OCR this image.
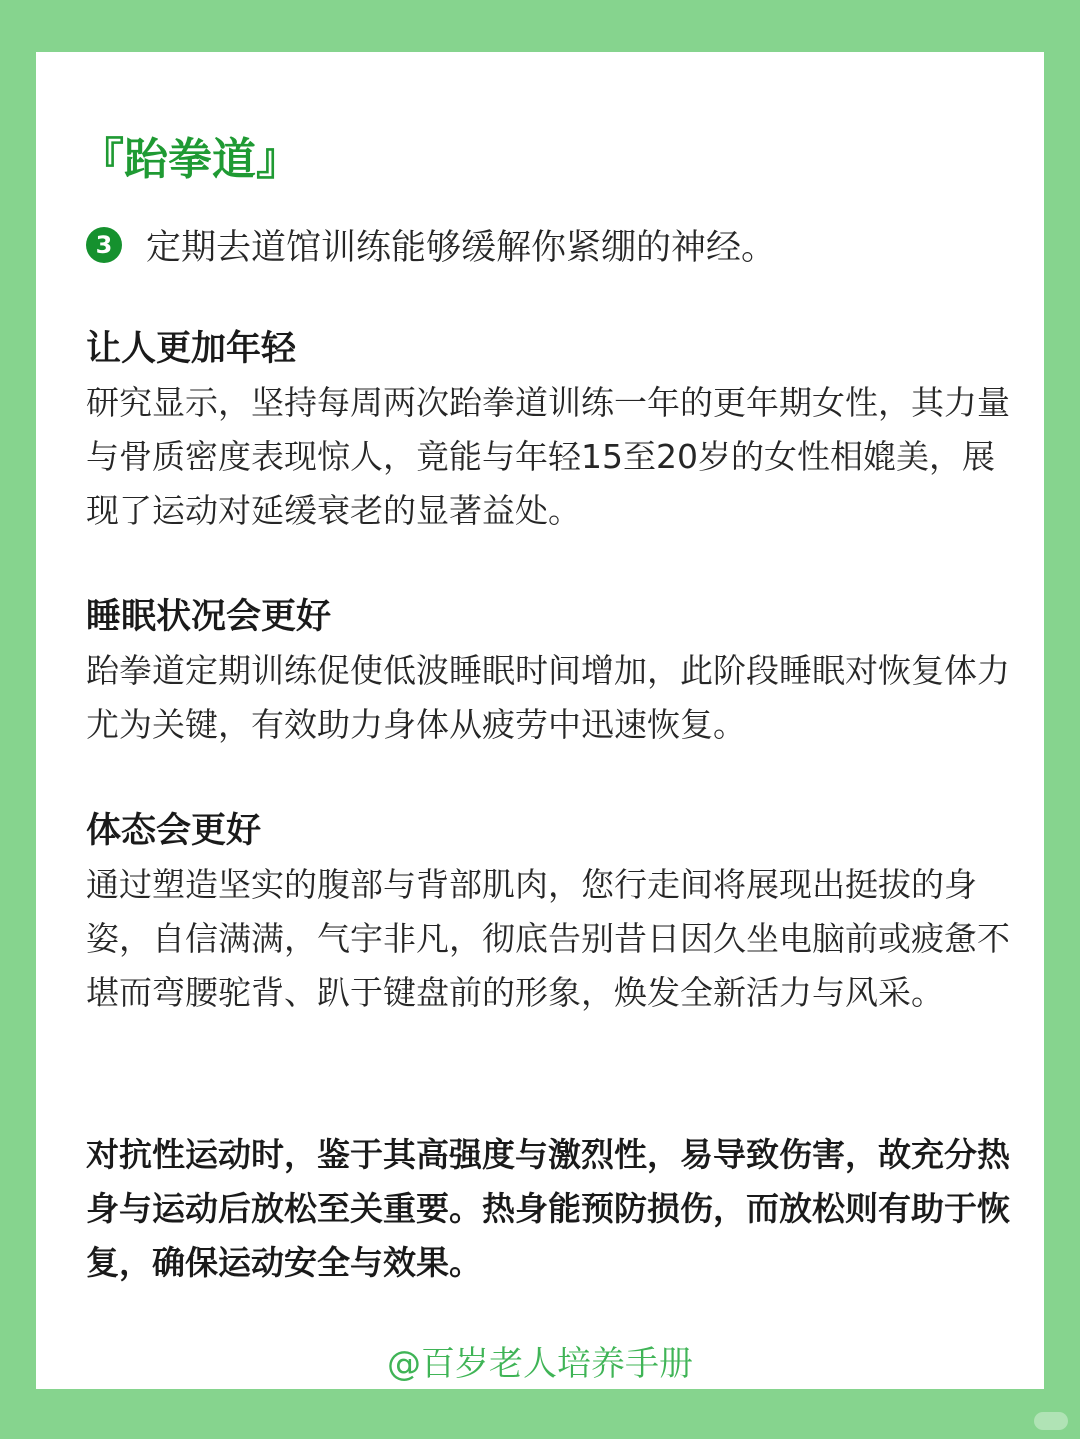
『跆拳道』
3 定期去道馆训练能够缓解你紧绷的神经。
让人更加年轻

研究显示，坚持每周两次跆拳道训练一年的更年期女性，其力量与骨质密度表现惊人，竟能与年轻15至20岁的女性相媲美，展现了运动对延缓衰老的显著益处。

睡眠状况会更好

跆拳道定期训练促使低波睡眠时间增加，此阶段睡眠对恢复体力尤为关键，有效助力身体从疲劳中迅速恢复。

体态会更好

通过塑造坚实的腹部与背部肌肉，您行走间将展现出挺拔的身姿，自信满满，气宇非凡，彻底告别昔日因久坐电脑前或疲惫不堪而弯腰驼背、趴于键盘前的形象，焕发全新活力与风采。

对抗性运动时，鉴于其高强度与激烈性，易导致伤害，故充分热身与运动后放松至关重要。热身能预防损伤，而放松则有助于恢复，确保运动安全与效果。

@百岁老人培养手册
